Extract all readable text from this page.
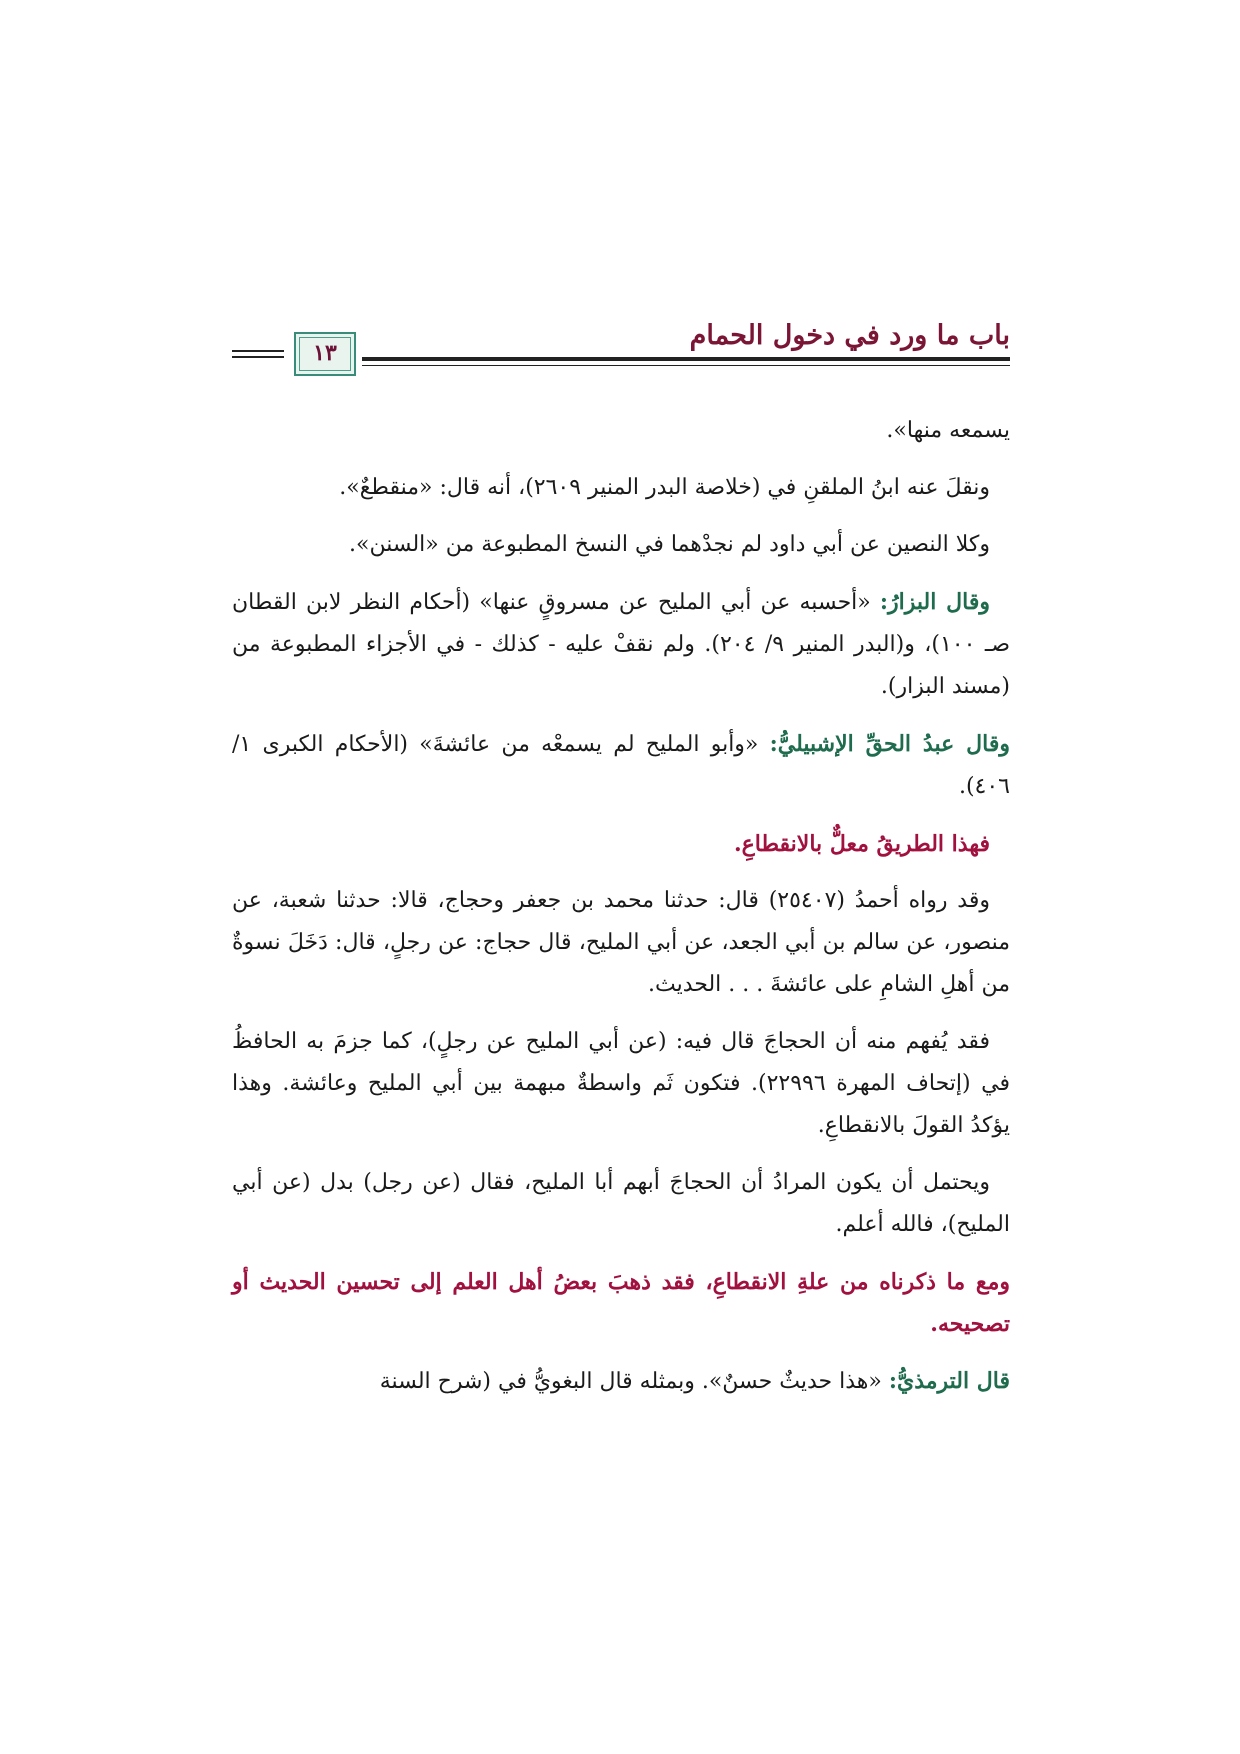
١٣
باب ما ورد في دخول الحمام

يسمعه منها».

ونقلَ عنه ابنُ الملقنِ في (خلاصة البدر المنير ٢٦٠٩)، أنه قال: «منقطعٌ».

وكلا النصين عن أبي داود لم نجدْهما في النسخ المطبوعة من «السنن».

وقال البزارُ: «أحسبه عن أبي المليح عن مسروقٍ عنها» (أحكام النظر لابن القطان صـ ١٠٠)، و(البدر المنير ٩/ ٢٠٤). ولم نقفْ عليه - كذلك - في الأجزاء المطبوعة من (مسند البزار).

وقال عبدُ الحقِّ الإشبيليُّ: «وأبو المليح لم يسمعْه من عائشةَ» (الأحكام الكبرى ١/ ٤٠٦).

فهذا الطريقُ معلٌّ بالانقطاعِ.

وقد رواه أحمدُ (٢٥٤٠٧) قال: حدثنا محمد بن جعفر وحجاج، قالا: حدثنا شعبة، عن منصور، عن سالم بن أبي الجعد، عن أبي المليح، قال حجاج: عن رجلٍ، قال: دَخَلَ نسوةٌ من أهلِ الشامِ على عائشةَ . . . الحديث.

فقد يُفهم منه أن الحجاجَ قال فيه: (عن أبي المليح عن رجلٍ)، كما جزمَ به الحافظُ في (إتحاف المهرة ٢٢٩٩٦). فتكون ثَم واسطةٌ مبهمة بين أبي المليح وعائشة. وهذا يؤكدُ القولَ بالانقطاعِ.

ويحتمل أن يكون المرادُ أن الحجاجَ أبهم أبا المليح، فقال (عن رجل) بدل (عن أبي المليح)، فالله أعلم.

ومع ما ذكرناه من علةِ الانقطاعِ، فقد ذهبَ بعضُ أهل العلم إلى تحسين الحديث أو تصحيحه.

قال الترمذيُّ: «هذا حديثٌ حسنٌ». وبمثله قال البغويُّ في (شرح السنة
